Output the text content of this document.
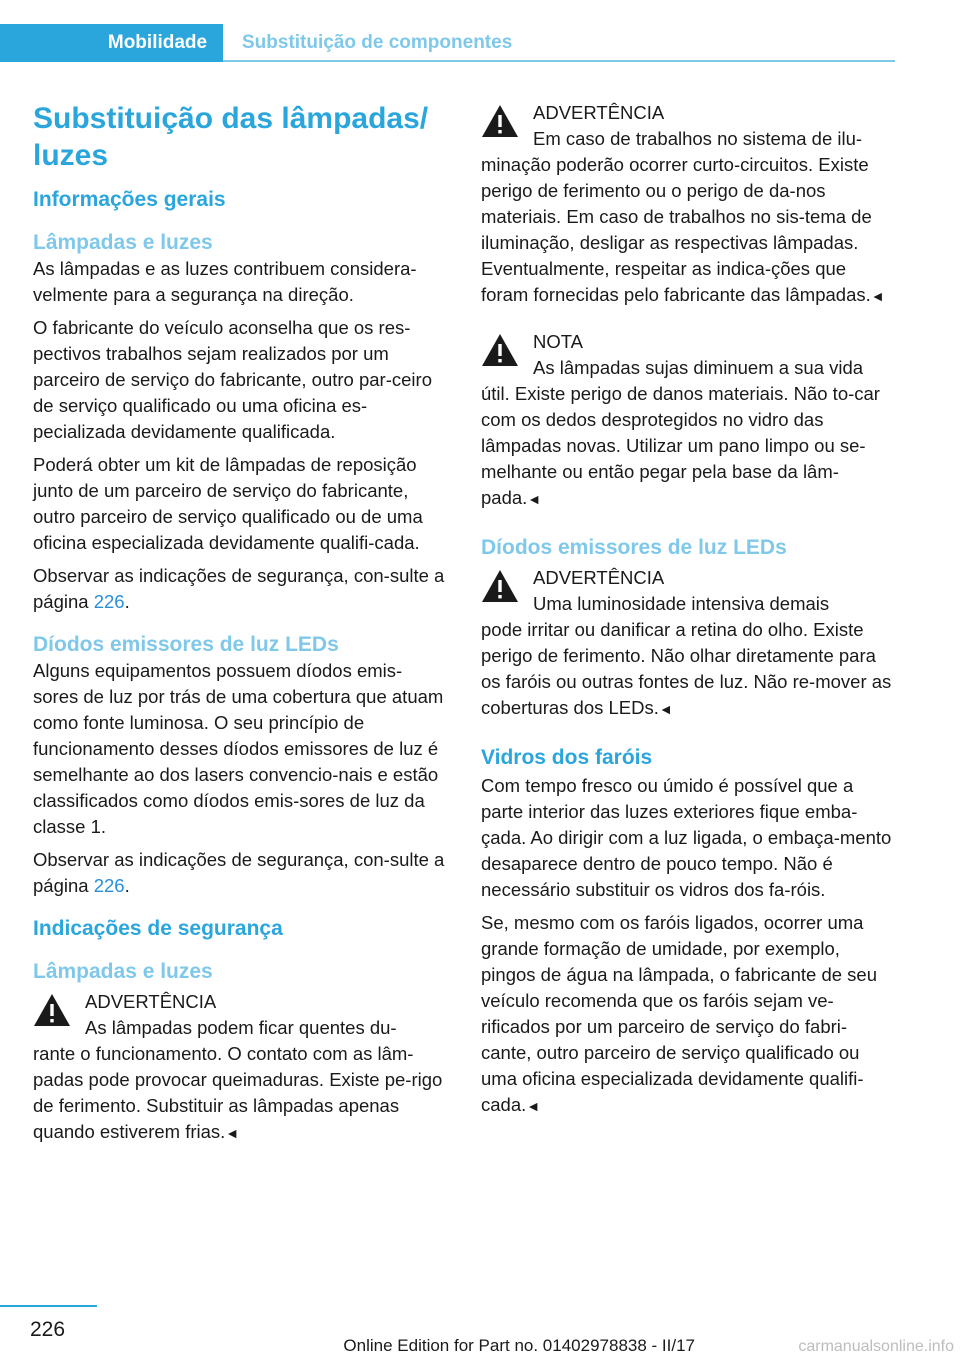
Mobilidade	Substituição de componentes
Substituição das lâmpadas/
luzes
Informações gerais
Lâmpadas e luzes

As lâmpadas e as luzes contribuem considera-velmente para a segurança na direção.

O fabricante do veículo aconselha que os res-pectivos trabalhos sejam realizados por um parceiro de serviço do fabricante, outro par-ceiro de serviço qualificado ou uma oficina es-pecializada devidamente qualificada.

Poderá obter um kit de lâmpadas de reposição junto de um parceiro de serviço do fabricante, outro parceiro de serviço qualificado ou de uma oficina especializada devidamente qualifi-cada.

Observar as indicações de segurança, con-sulte a página 226.

Díodos emissores de luz LEDs

Alguns equipamentos possuem díodos emis-sores de luz por trás de uma cobertura que atuam como fonte luminosa. O seu princípio de funcionamento desses díodos emissores de luz é semelhante ao dos lasers convencio-nais e estão classificados como díodos emis-sores de luz da classe 1.

Observar as indicações de segurança, con-sulte a página 226.

Indicações de segurança
Lâmpadas e luzes
ADVERTÊNCIA
As lâmpadas podem ficar quentes du-
rante o funcionamento. O contato com as lâm-padas pode provocar queimaduras. Existe pe-rigo de ferimento. Substituir as lâmpadas apenas quando estiverem frias.◄
ADVERTÊNCIA
Em caso de trabalhos no sistema de ilu-
minação poderão ocorrer curto-circuitos. Existe perigo de ferimento ou o perigo de da-nos materiais. Em caso de trabalhos no sis-tema de iluminação, desligar as respectivas lâmpadas. Eventualmente, respeitar as indica-ções que foram fornecidas pelo fabricante das lâmpadas.◄
NOTA
As lâmpadas sujas diminuem a sua vida
útil. Existe perigo de danos materiais. Não to-car com os dedos desprotegidos no vidro das lâmpadas novas. Utilizar um pano limpo ou se-melhante ou então pegar pela base da lâm-pada.◄
Díodos emissores de luz LEDs
ADVERTÊNCIA
Uma luminosidade intensiva demais
pode irritar ou danificar a retina do olho. Existe perigo de ferimento. Não olhar diretamente para os faróis ou outras fontes de luz. Não re-mover as coberturas dos LEDs.◄
Vidros dos faróis

Com tempo fresco ou úmido é possível que a parte interior das luzes exteriores fique emba-çada. Ao dirigir com a luz ligada, o embaça-mento desaparece dentro de pouco tempo. Não é necessário substituir os vidros dos fa-róis.

Se, mesmo com os faróis ligados, ocorrer uma grande formação de umidade, por exemplo, pingos de água na lâmpada, o fabricante de seu veículo recomenda que os faróis sejam ve-rificados por um parceiro de serviço do fabri-cante, outro parceiro de serviço qualificado ou uma oficina especializada devidamente qualifi-cada.◄

226
Online Edition for Part no. 01402978838 - II/17	carmanualsonline.info
